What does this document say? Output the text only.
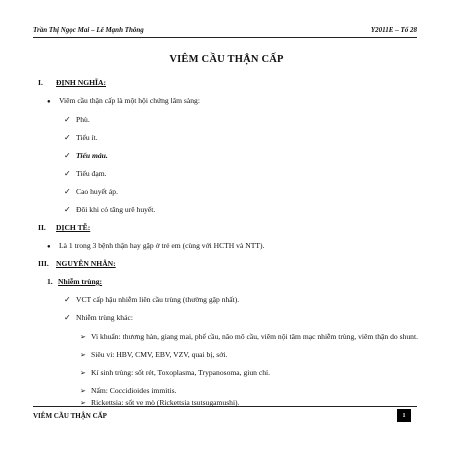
Trần Thị Ngọc Mai – Lê Mạnh Thông	Y2011E – Tổ 28
VIÊM CẦU THẬN CẤP
I. ĐỊNH NGHĨA:
● Viêm cầu thận cấp là một hội chứng lâm sàng:
✓ Phù.
✓ Tiểu ít.
✓ Tiểu máu.
✓ Tiểu đạm.
✓ Cao huyết áp.
✓ Đôi khi có tăng urê huyết.
II. DỊCH TỄ:
● Là 1 trong 3 bệnh thận hay gặp ở trẻ em (cùng với HCTH và NTT).
III. NGUYÊN NHÂN:
1. Nhiễm trùng:
✓ VCT cấp hậu nhiễm liên cầu trùng (thường gặp nhất).
✓ Nhiễm trùng khác:
➢ Vi khuẩn: thương hàn, giang mai, phế cầu, não mô cầu, viêm nội tâm mạc nhiễm trùng, viêm thận do shunt.
➢ Siêu vi: HBV, CMV, EBV, VZV, quai bị, sởi.
➢ Kí sinh trùng: sốt rét, Toxoplasma, Trypanosoma, giun chỉ.
➢ Nấm: Coccidioides immitis.
➢ Rickettsia: sốt ve mò (Rickettsia tsutsugamushi).
VIÊM CẦU THẬN CẤP	1
